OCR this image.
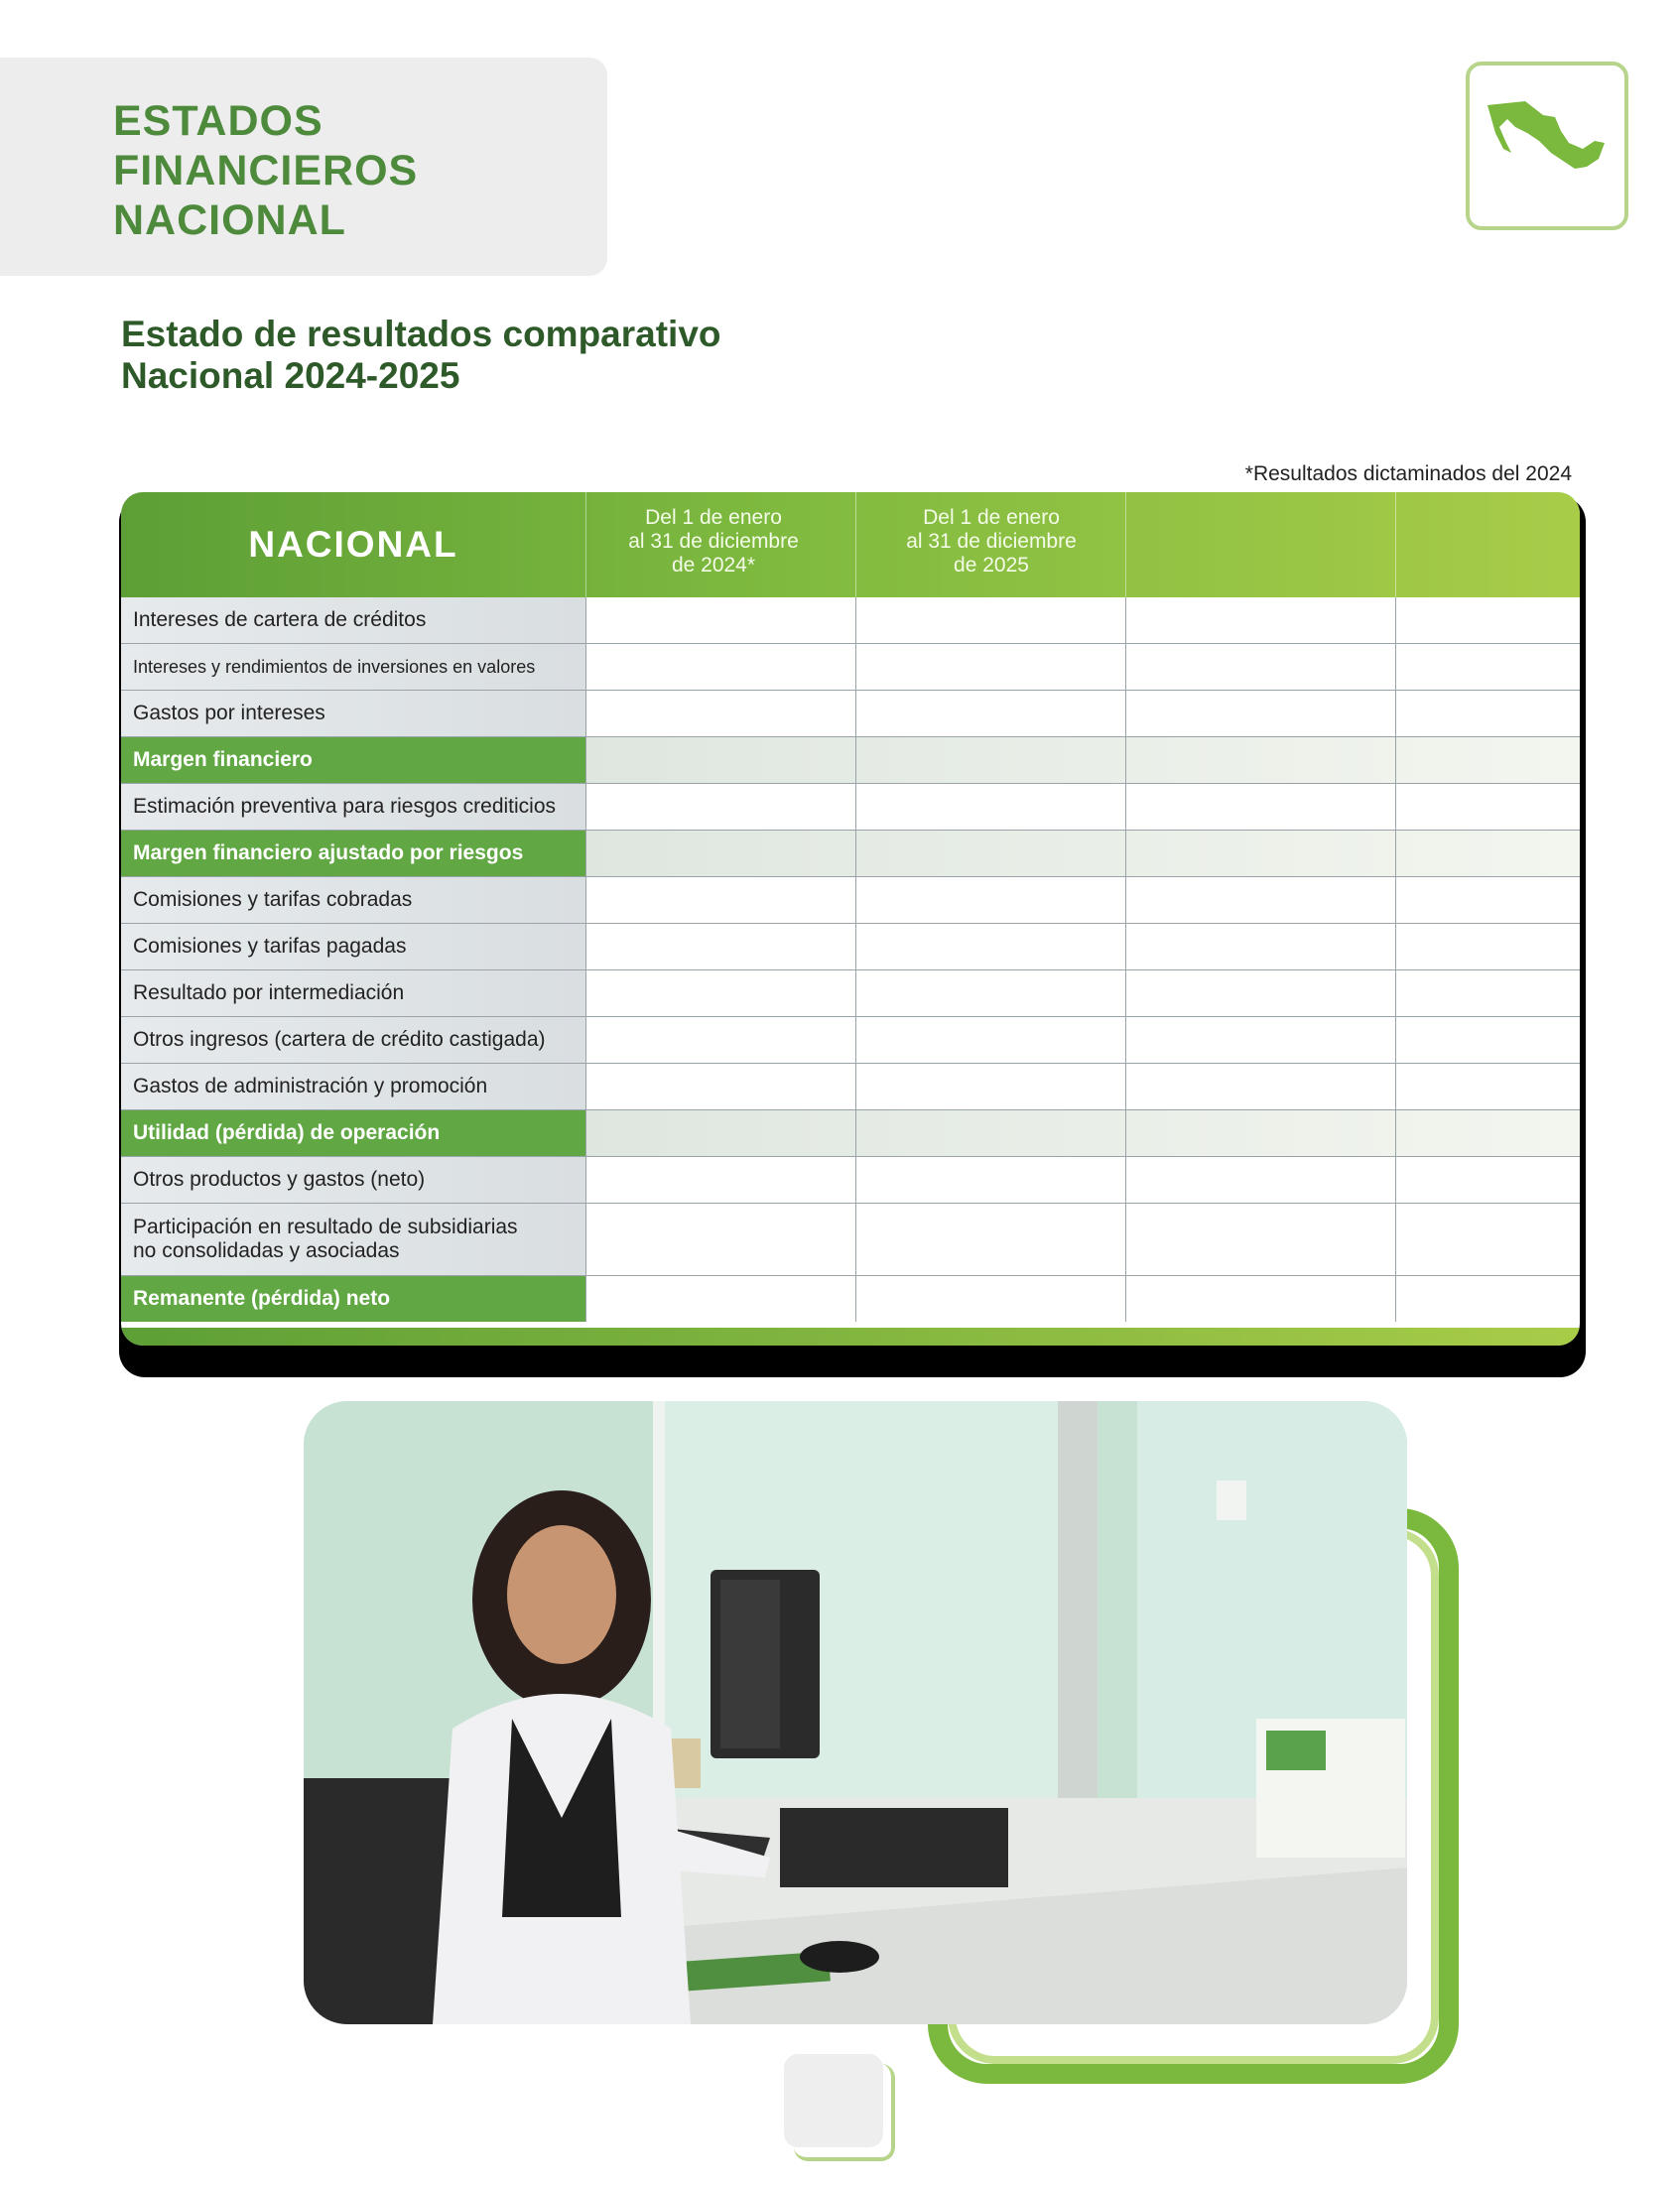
ESTADOS
FINANCIEROS
NACIONAL
Estado de resultados comparativo
Nacional 2024-2025
*Resultados dictaminados del 2024
NACIONAL
Del 1 de enero
al 31 de diciembre
de 2024*
Del 1 de enero
al 31 de diciembre
de 2025
Intereses de cartera de créditos
Intereses y rendimientos de inversiones en valores
Gastos por intereses
Margen financiero
Estimación preventiva para riesgos crediticios
Margen financiero ajustado por riesgos
Comisiones y tarifas cobradas
Comisiones y tarifas pagadas
Resultado por intermediación
Otros ingresos (cartera de crédito castigada)
Gastos de administración y promoción
Utilidad (pérdida) de operación
Otros productos y gastos (neto)
Participación en resultado de subsidiarias
no consolidadas y asociadas
Remanente (pérdida) neto
